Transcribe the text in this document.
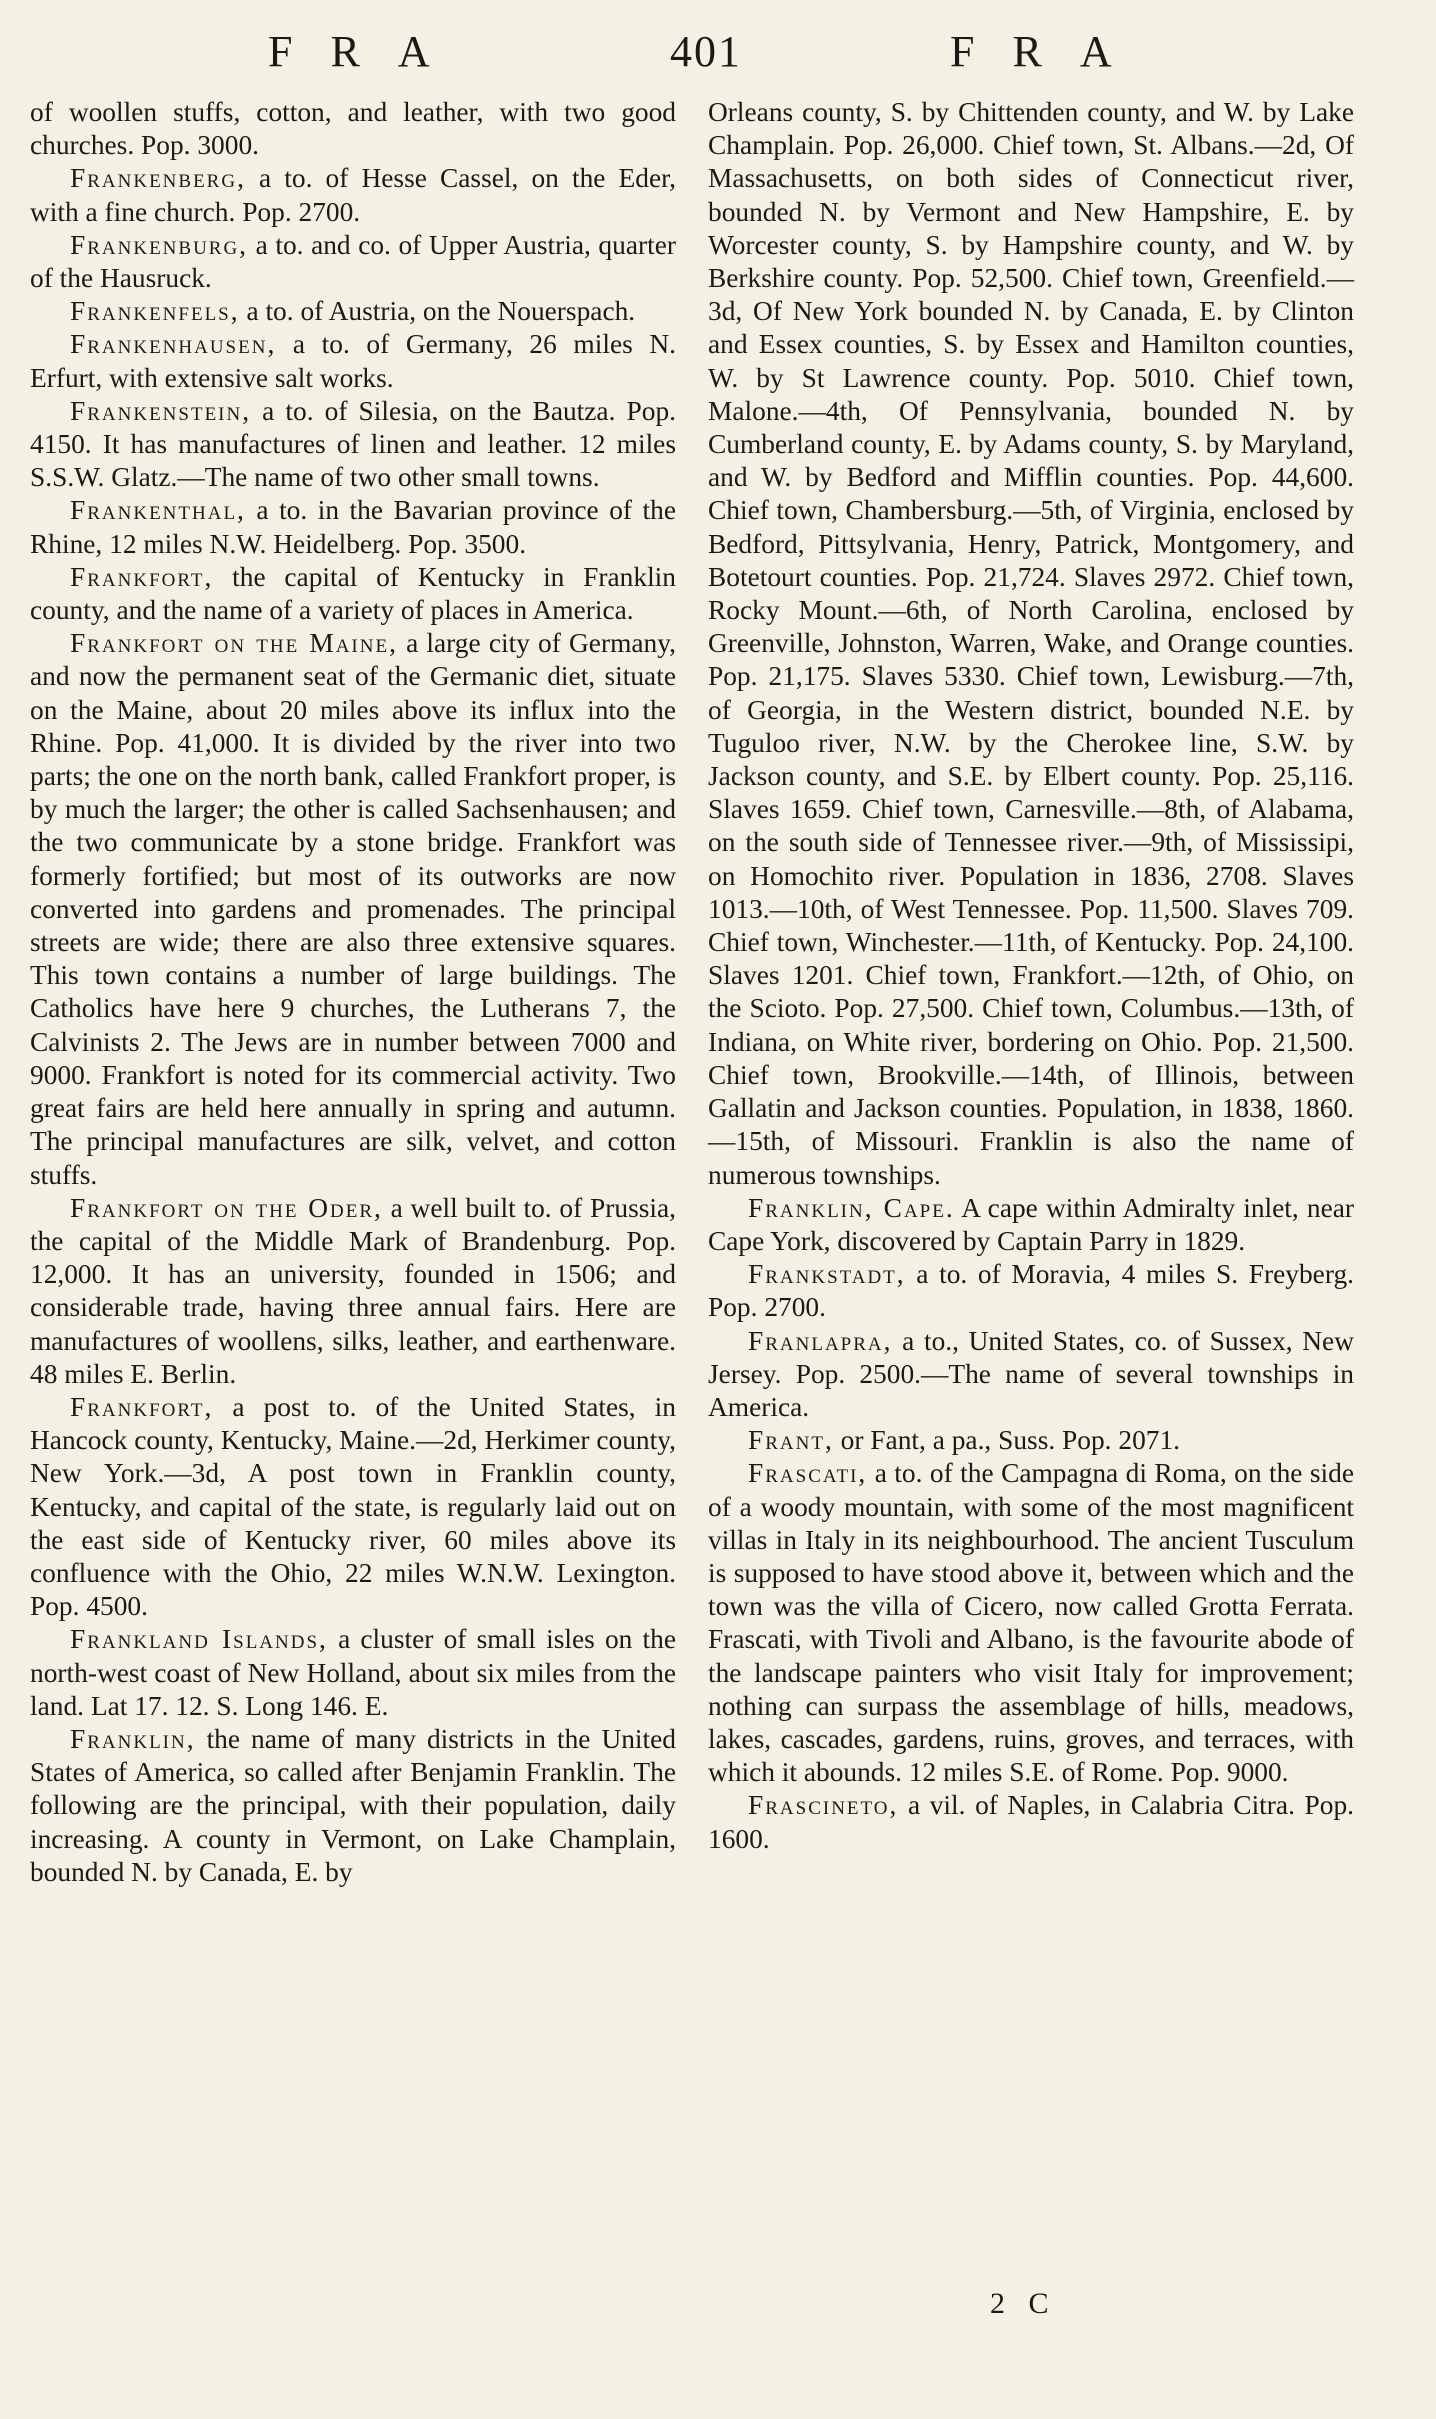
FRA	401	FRA

of woollen stuffs, cotton, and leather, with two good churches. Pop. 3000.

Frankenberg, a to. of Hesse Cassel, on the Eder, with a fine church. Pop. 2700.

Frankenburg, a to. and co. of Upper Austria, quarter of the Hausruck.

Frankenfels, a to. of Austria, on the Nouerspach.

Frankenhausen, a to. of Germany, 26 miles N. Erfurt, with extensive salt works.

Frankenstein, a to. of Silesia, on the Bautza. Pop. 4150. It has manufactures of linen and leather. 12 miles S.S.W. Glatz.—The name of two other small towns.

Frankenthal, a to. in the Bavarian province of the Rhine, 12 miles N.W. Heidelberg. Pop. 3500.

Frankfort, the capital of Kentucky in Franklin county, and the name of a variety of places in America.

Frankfort on the Maine, a large city of Germany, and now the permanent seat of the Germanic diet, situate on the Maine, about 20 miles above its influx into the Rhine. Pop. 41,000. It is divided by the river into two parts; the one on the north bank, called Frankfort proper, is by much the larger; the other is called Sachsenhausen; and the two communicate by a stone bridge. Frankfort was formerly fortified; but most of its outworks are now converted into gardens and promenades. The principal streets are wide; there are also three extensive squares. This town contains a number of large buildings. The Catholics have here 9 churches, the Lutherans 7, the Calvinists 2. The Jews are in number between 7000 and 9000. Frankfort is noted for its commercial activity. Two great fairs are held here annually in spring and autumn. The principal manufactures are silk, velvet, and cotton stuffs.

Frankfort on the Oder, a well built to. of Prussia, the capital of the Middle Mark of Brandenburg. Pop. 12,000. It has an university, founded in 1506; and considerable trade, having three annual fairs. Here are manufactures of woollens, silks, leather, and earthenware. 48 miles E. Berlin.

Frankfort, a post to. of the United States, in Hancock county, Kentucky, Maine.—2d, Herkimer county, New York.—3d, A post town in Franklin county, Kentucky, and capital of the state, is regularly laid out on the east side of Kentucky river, 60 miles above its confluence with the Ohio, 22 miles W.N.W. Lexington. Pop. 4500.

Frankland Islands, a cluster of small isles on the north-west coast of New Holland, about six miles from the land. Lat 17. 12. S. Long 146. E.

Franklin, the name of many districts in the United States of America, so called after Benjamin Franklin. The following are the principal, with their population, daily increasing. A county in Vermont, on Lake Champlain, bounded N. by Canada, E. by

Orleans county, S. by Chittenden county, and W. by Lake Champlain. Pop. 26,000. Chief town, St. Albans.—2d, Of Massachusetts, on both sides of Connecticut river, bounded N. by Vermont and New Hampshire, E. by Worcester county, S. by Hampshire county, and W. by Berkshire county. Pop. 52,500. Chief town, Greenfield.—3d, Of New York bounded N. by Canada, E. by Clinton and Essex counties, S. by Essex and Hamilton counties, W. by St Lawrence county. Pop. 5010. Chief town, Malone.—4th, Of Pennsylvania, bounded N. by Cumberland county, E. by Adams county, S. by Maryland, and W. by Bedford and Mifflin counties. Pop. 44,600. Chief town, Chambersburg.—5th, of Virginia, enclosed by Bedford, Pittsylvania, Henry, Patrick, Montgomery, and Botetourt counties. Pop. 21,724. Slaves 2972. Chief town, Rocky Mount.—6th, of North Carolina, enclosed by Greenville, Johnston, Warren, Wake, and Orange counties. Pop. 21,175. Slaves 5330. Chief town, Lewisburg.—7th, of Georgia, in the Western district, bounded N.E. by Tuguloo river, N.W. by the Cherokee line, S.W. by Jackson county, and S.E. by Elbert county. Pop. 25,116. Slaves 1659. Chief town, Carnesville.—8th, of Alabama, on the south side of Tennessee river.—9th, of Mississipi, on Homochito river. Population in 1836, 2708. Slaves 1013.—10th, of West Tennessee. Pop. 11,500. Slaves 709. Chief town, Winchester.—11th, of Kentucky. Pop. 24,100. Slaves 1201. Chief town, Frankfort.—12th, of Ohio, on the Scioto. Pop. 27,500. Chief town, Columbus.—13th, of Indiana, on White river, bordering on Ohio. Pop. 21,500. Chief town, Brookville.—14th, of Illinois, between Gallatin and Jackson counties. Population, in 1838, 1860.—15th, of Missouri. Franklin is also the name of numerous townships.

Franklin, Cape. A cape within Admiralty inlet, near Cape York, discovered by Captain Parry in 1829.

Frankstadt, a to. of Moravia, 4 miles S. Freyberg. Pop. 2700.

Franlapra, a to., United States, co. of Sussex, New Jersey. Pop. 2500.—The name of several townships in America.

Frant, or Fant, a pa., Suss. Pop. 2071.

Frascati, a to. of the Campagna di Roma, on the side of a woody mountain, with some of the most magnificent villas in Italy in its neighbourhood. The ancient Tusculum is supposed to have stood above it, between which and the town was the villa of Cicero, now called Grotta Ferrata. Frascati, with Tivoli and Albano, is the favourite abode of the landscape painters who visit Italy for improvement; nothing can surpass the assemblage of hills, meadows, lakes, cascades, gardens, ruins, groves, and terraces, with which it abounds. 12 miles S.E. of Rome. Pop. 9000.

Frascineto, a vil. of Naples, in Calabria Citra. Pop. 1600.

2 C
